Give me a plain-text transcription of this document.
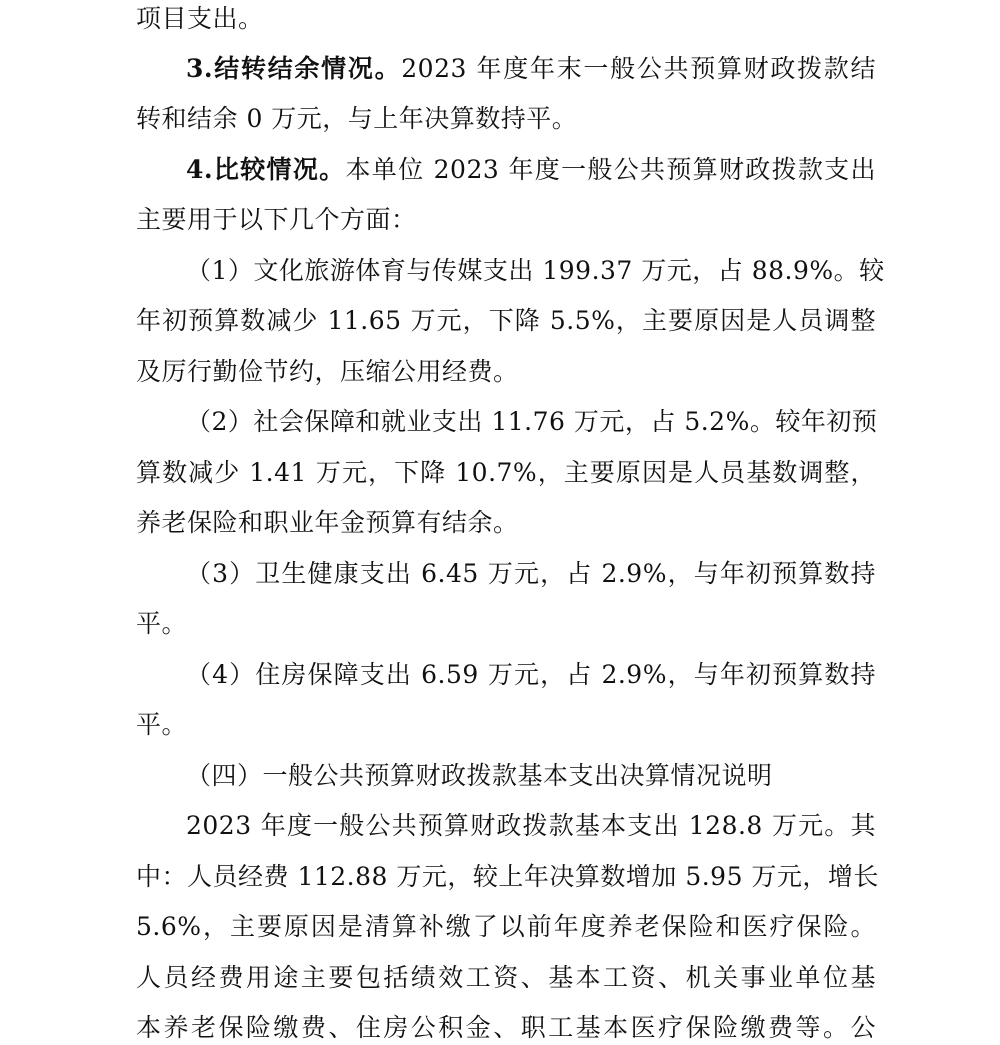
项目支出。
3.结转结余情况。2023 年度年末一般公共预算财政拨款结
转和结余 0 万元，与上年决算数持平。
4.比较情况。本单位 2023 年度一般公共预算财政拨款支出
主要用于以下几个方面：
（1）文化旅游体育与传媒支出 199.37 万元，占 88.9%。较
年初预算数减少 11.65 万元，下降 5.5%，主要原因是人员调整
及厉行勤俭节约，压缩公用经费。
（2）社会保障和就业支出 11.76 万元，占 5.2%。较年初预
算数减少 1.41 万元，下降 10.7%，主要原因是人员基数调整，
养老保险和职业年金预算有结余。
（3）卫生健康支出 6.45 万元，占 2.9%，与年初预算数持
平。
（4）住房保障支出 6.59 万元，占 2.9%，与年初预算数持
平。
（四）一般公共预算财政拨款基本支出决算情况说明
2023 年度一般公共预算财政拨款基本支出 128.8 万元。其
中：人员经费 112.88 万元，较上年决算数增加 5.95 万元，增长
5.6%，主要原因是清算补缴了以前年度养老保险和医疗保险。
人员经费用途主要包括绩效工资、基本工资、机关事业单位基
本养老保险缴费、住房公积金、职工基本医疗保险缴费等。公
